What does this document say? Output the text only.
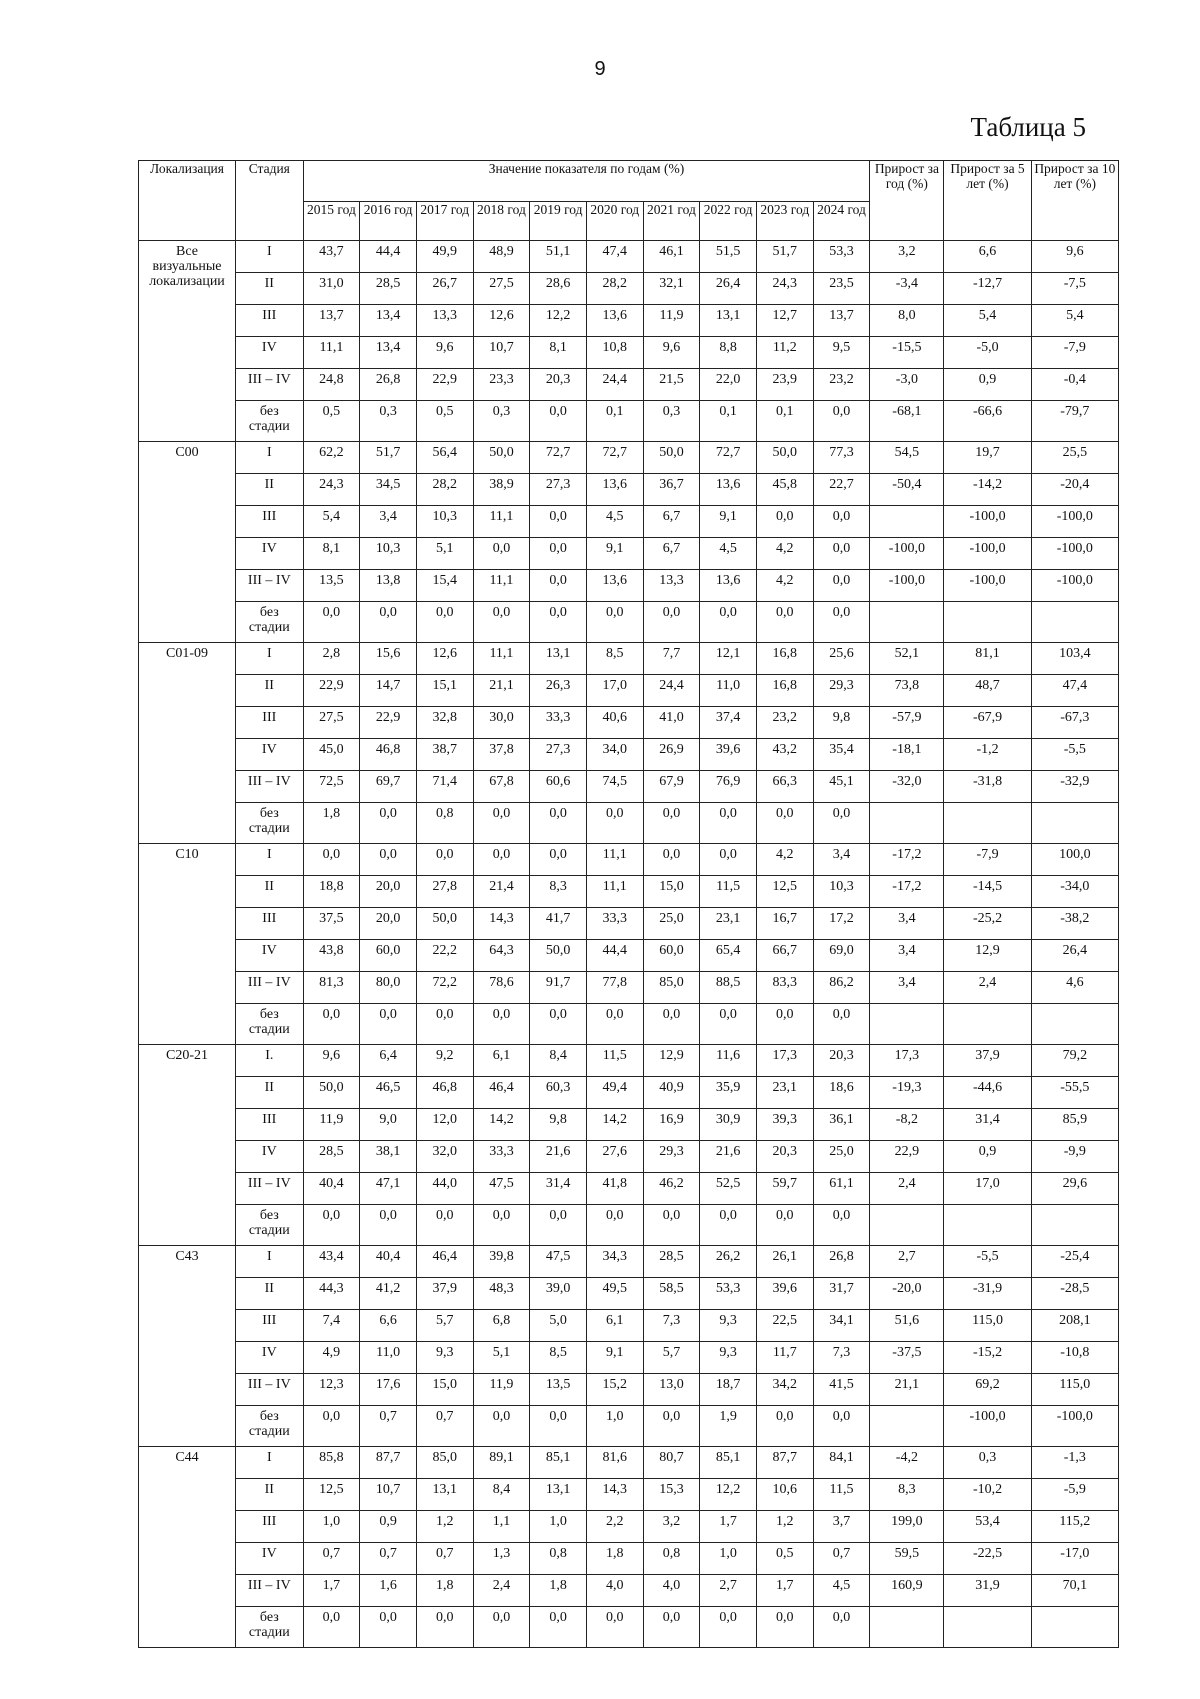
9
Таблица 5
Локализация	Стадия	Значение показателя по годам (%)										Прирост за год (%)	Прирост за 5 лет (%)	Прирост за 10 лет (%)
		2015 год	2016 год	2017 год	2018 год	2019 год	2020 год	2021 год	2022 год	2023 год	2024 год			
Все визуальные локализации	I	43,7	44,4	49,9	48,9	51,1	47,4	46,1	51,5	51,7	53,3	3,2	6,6	9,6
	II	31,0	28,5	26,7	27,5	28,6	28,2	32,1	26,4	24,3	23,5	-3,4	-12,7	-7,5
	III	13,7	13,4	13,3	12,6	12,2	13,6	11,9	13,1	12,7	13,7	8,0	5,4	5,4
	IV	11,1	13,4	9,6	10,7	8,1	10,8	9,6	8,8	11,2	9,5	-15,5	-5,0	-7,9
	III – IV	24,8	26,8	22,9	23,3	20,3	24,4	21,5	22,0	23,9	23,2	-3,0	0,9	-0,4
	без стадии	0,5	0,3	0,5	0,3	0,0	0,1	0,3	0,1	0,1	0,0	-68,1	-66,6	-79,7
С00	I	62,2	51,7	56,4	50,0	72,7	72,7	50,0	72,7	50,0	77,3	54,5	19,7	25,5
	II	24,3	34,5	28,2	38,9	27,3	13,6	36,7	13,6	45,8	22,7	-50,4	-14,2	-20,4
	III	5,4	3,4	10,3	11,1	0,0	4,5	6,7	9,1	0,0	0,0		-100,0	-100,0
	IV	8,1	10,3	5,1	0,0	0,0	9,1	6,7	4,5	4,2	0,0	-100,0	-100,0	-100,0
	III – IV	13,5	13,8	15,4	11,1	0,0	13,6	13,3	13,6	4,2	0,0	-100,0	-100,0	-100,0
	без стадии	0,0	0,0	0,0	0,0	0,0	0,0	0,0	0,0	0,0	0,0			
С01-09	I	2,8	15,6	12,6	11,1	13,1	8,5	7,7	12,1	16,8	25,6	52,1	81,1	103,4
	II	22,9	14,7	15,1	21,1	26,3	17,0	24,4	11,0	16,8	29,3	73,8	48,7	47,4
	III	27,5	22,9	32,8	30,0	33,3	40,6	41,0	37,4	23,2	9,8	-57,9	-67,9	-67,3
	IV	45,0	46,8	38,7	37,8	27,3	34,0	26,9	39,6	43,2	35,4	-18,1	-1,2	-5,5
	III – IV	72,5	69,7	71,4	67,8	60,6	74,5	67,9	76,9	66,3	45,1	-32,0	-31,8	-32,9
	без стадии	1,8	0,0	0,8	0,0	0,0	0,0	0,0	0,0	0,0	0,0			
С10	I	0,0	0,0	0,0	0,0	0,0	11,1	0,0	0,0	4,2	3,4	-17,2	-7,9	100,0
	II	18,8	20,0	27,8	21,4	8,3	11,1	15,0	11,5	12,5	10,3	-17,2	-14,5	-34,0
	III	37,5	20,0	50,0	14,3	41,7	33,3	25,0	23,1	16,7	17,2	3,4	-25,2	-38,2
	IV	43,8	60,0	22,2	64,3	50,0	44,4	60,0	65,4	66,7	69,0	3,4	12,9	26,4
	III – IV	81,3	80,0	72,2	78,6	91,7	77,8	85,0	88,5	83,3	86,2	3,4	2,4	4,6
	без стадии	0,0	0,0	0,0	0,0	0,0	0,0	0,0	0,0	0,0	0,0			
С20-21	I.	9,6	6,4	9,2	6,1	8,4	11,5	12,9	11,6	17,3	20,3	17,3	37,9	79,2
	II	50,0	46,5	46,8	46,4	60,3	49,4	40,9	35,9	23,1	18,6	-19,3	-44,6	-55,5
	III	11,9	9,0	12,0	14,2	9,8	14,2	16,9	30,9	39,3	36,1	-8,2	31,4	85,9
	IV	28,5	38,1	32,0	33,3	21,6	27,6	29,3	21,6	20,3	25,0	22,9	0,9	-9,9
	III – IV	40,4	47,1	44,0	47,5	31,4	41,8	46,2	52,5	59,7	61,1	2,4	17,0	29,6
	без стадии	0,0	0,0	0,0	0,0	0,0	0,0	0,0	0,0	0,0	0,0			
С43	I	43,4	40,4	46,4	39,8	47,5	34,3	28,5	26,2	26,1	26,8	2,7	-5,5	-25,4
	II	44,3	41,2	37,9	48,3	39,0	49,5	58,5	53,3	39,6	31,7	-20,0	-31,9	-28,5
	III	7,4	6,6	5,7	6,8	5,0	6,1	7,3	9,3	22,5	34,1	51,6	115,0	208,1
	IV	4,9	11,0	9,3	5,1	8,5	9,1	5,7	9,3	11,7	7,3	-37,5	-15,2	-10,8
	III – IV	12,3	17,6	15,0	11,9	13,5	15,2	13,0	18,7	34,2	41,5	21,1	69,2	115,0
	без стадии	0,0	0,7	0,7	0,0	0,0	1,0	0,0	1,9	0,0	0,0		-100,0	-100,0
С44	I	85,8	87,7	85,0	89,1	85,1	81,6	80,7	85,1	87,7	84,1	-4,2	0,3	-1,3
	II	12,5	10,7	13,1	8,4	13,1	14,3	15,3	12,2	10,6	11,5	8,3	-10,2	-5,9
	III	1,0	0,9	1,2	1,1	1,0	2,2	3,2	1,7	1,2	3,7	199,0	53,4	115,2
	IV	0,7	0,7	0,7	1,3	0,8	1,8	0,8	1,0	0,5	0,7	59,5	-22,5	-17,0
	III – IV	1,7	1,6	1,8	2,4	1,8	4,0	4,0	2,7	1,7	4,5	160,9	31,9	70,1
	без стадии	0,0	0,0	0,0	0,0	0,0	0,0	0,0	0,0	0,0	0,0			
